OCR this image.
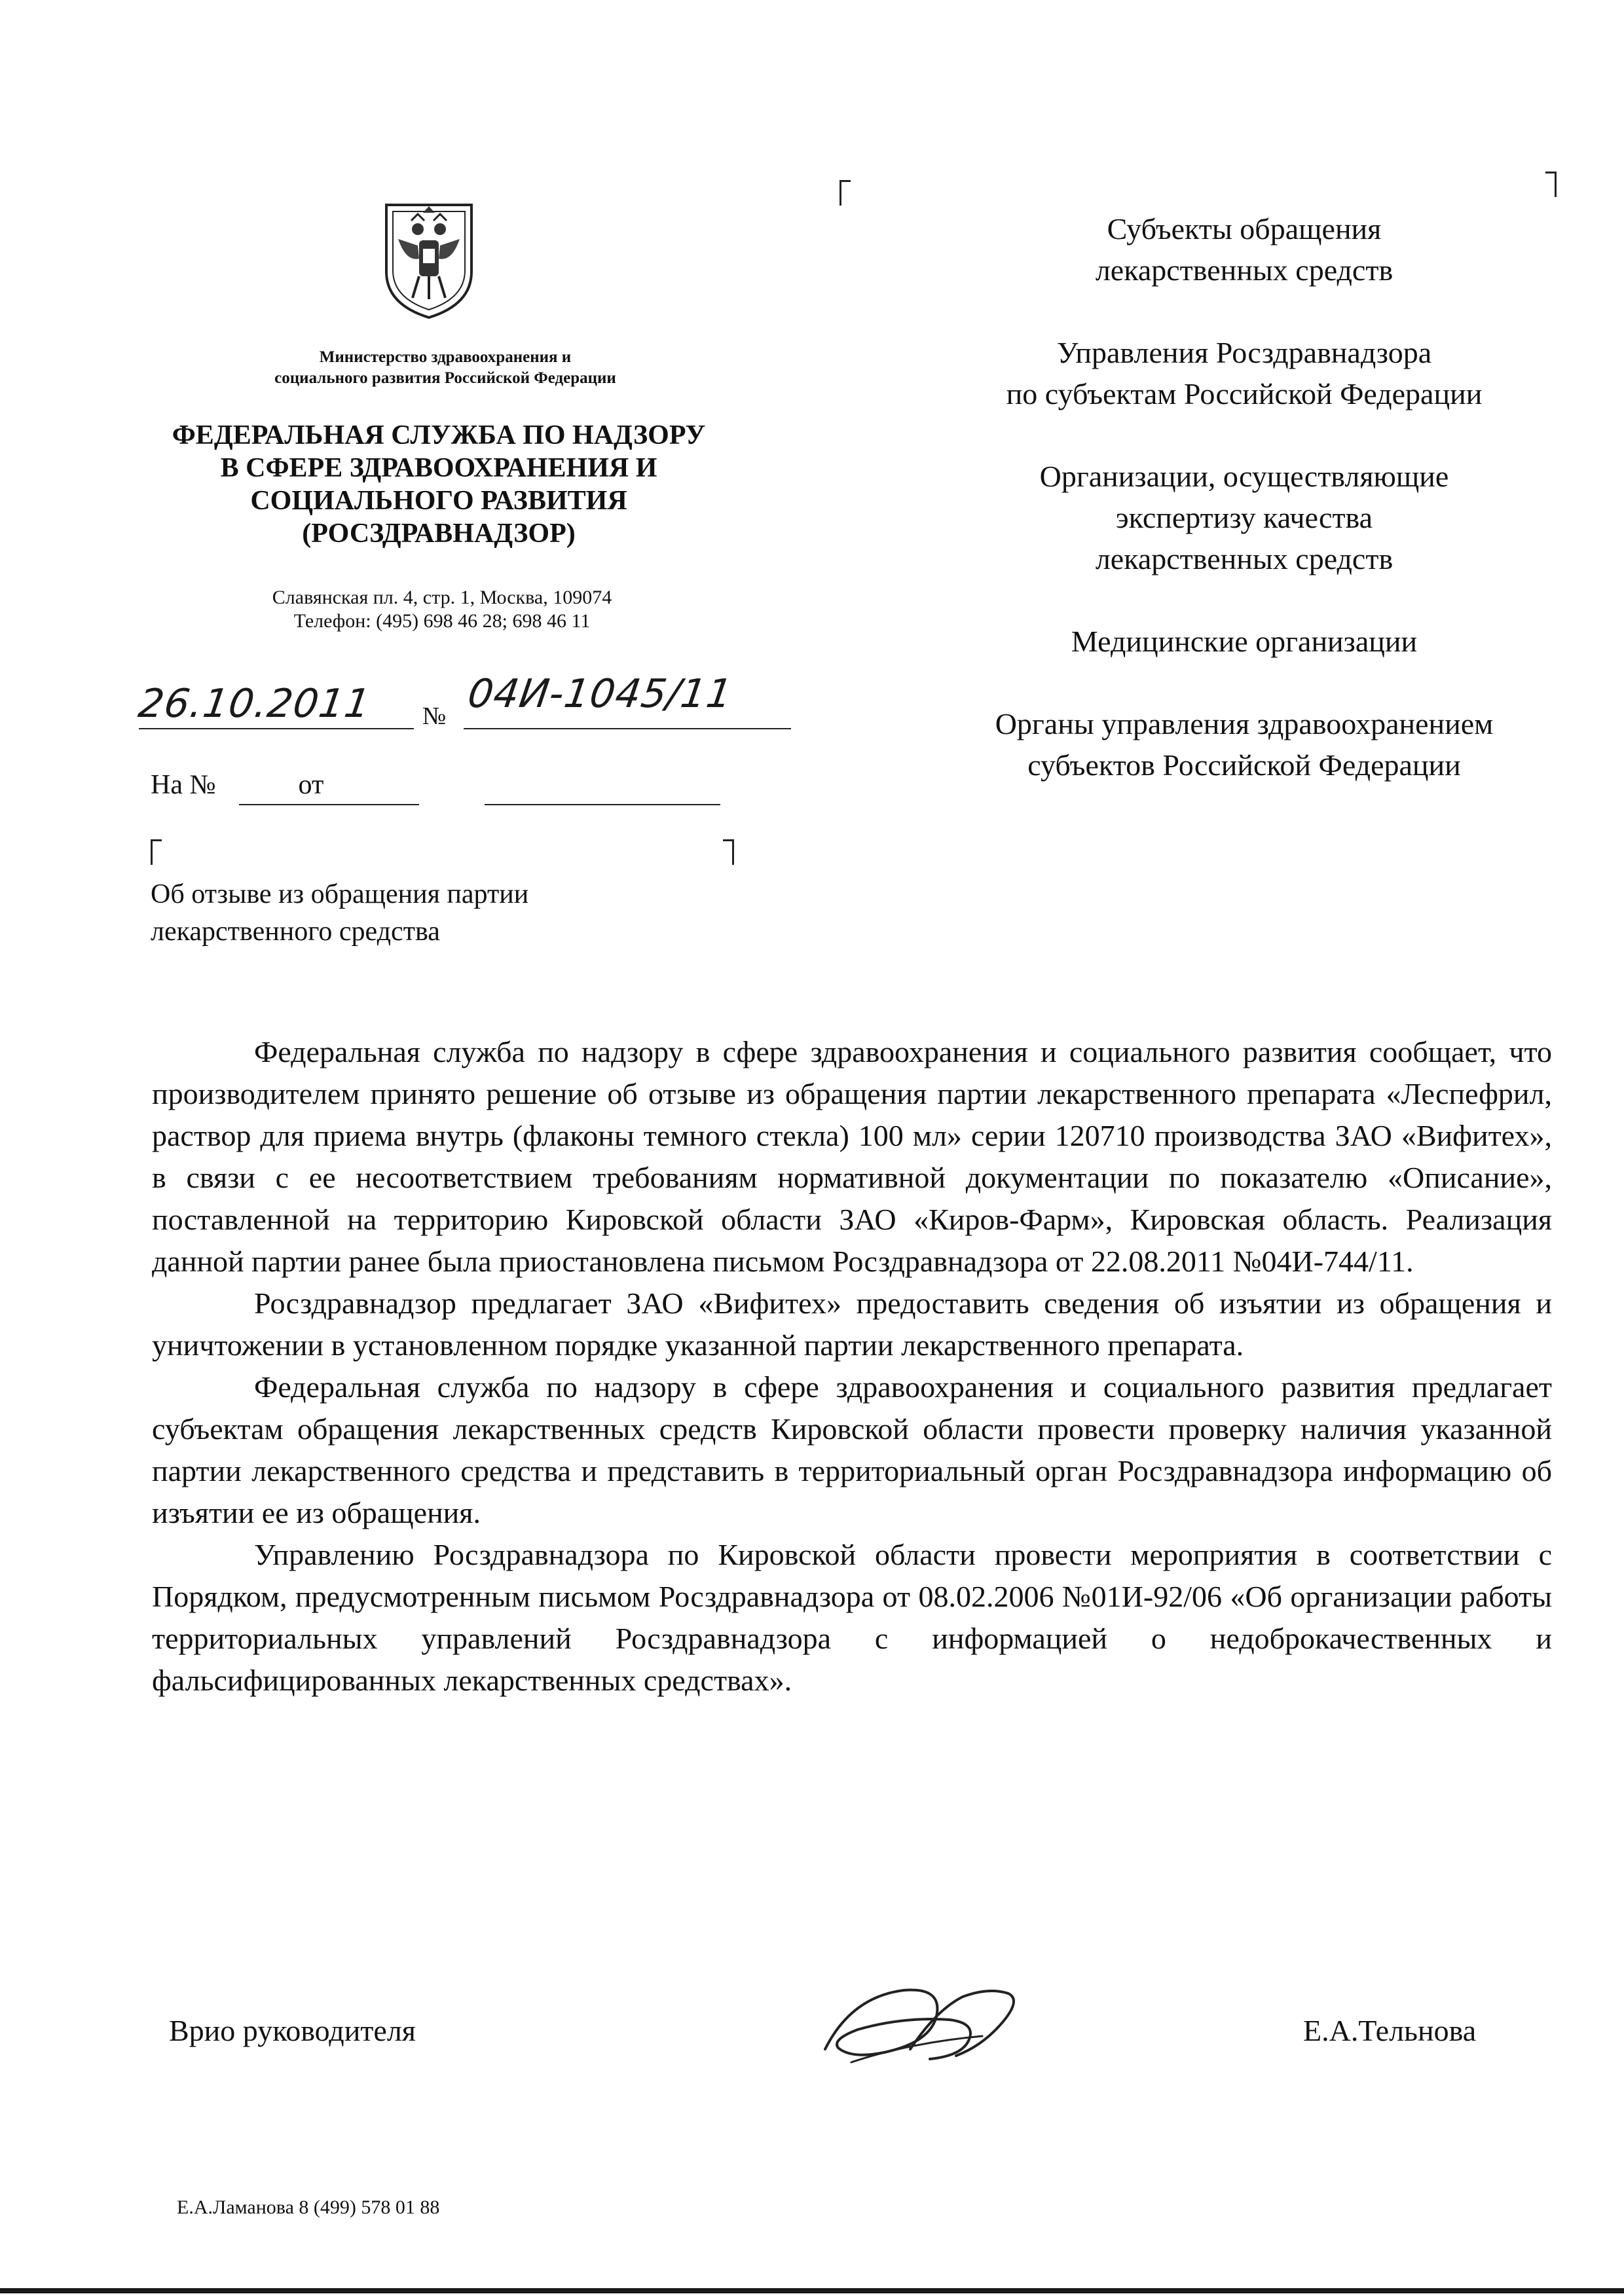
Министерство здравоохранения и
социального развития Российской Федерации
ФЕДЕРАЛЬНАЯ СЛУЖБА ПО НАДЗОРУ
В СФЕРЕ ЗДРАВООХРАНЕНИЯ И
СОЦИАЛЬНОГО РАЗВИТИЯ
(РОСЗДРАВНАДЗОР)
Славянская пл. 4, стр. 1, Москва, 109074
Телефон: (495) 698 46 28; 698 46 11
26.10.2011 № 04И-1045/11
На №            от
Об отзыве из обращения партии
лекарственного средства
Субъекты обращения
лекарственных средств
Управления Росздравнадзора
по субъектам Российской Федерации
Организации, осуществляющие
экспертизу качества
лекарственных средств
Медицинские организации
Органы управления здравоохранением
субъектов Российской Федерации

Федеральная служба по надзору в сфере здравоохранения и социального развития сообщает, что производителем принято решение об отзыве из обращения партии лекарственного препарата «Леспефрил, раствор для приема внутрь (флаконы темного стекла) 100 мл» серии 120710 производства ЗАО «Вифитех», в связи с ее несоответствием требованиям нормативной документации по показателю «Описание», поставленной на территорию Кировской области ЗАО «Киров-Фарм», Кировская область. Реализация данной партии ранее была приостановлена письмом Росздравнадзора от 22.08.2011 №04И-744/11.

Росздравнадзор предлагает ЗАО «Вифитех» предоставить сведения об изъятии из обращения и уничтожении в установленном порядке указанной партии лекарственного препарата.

Федеральная служба по надзору в сфере здравоохранения и социального развития предлагает субъектам обращения лекарственных средств Кировской области провести проверку наличия указанной партии лекарственного средства и представить в территориальный орган Росздравнадзора информацию об изъятии ее из обращения.

Управлению Росздравнадзора по Кировской области провести мероприятия в соответствии с Порядком, предусмотренным письмом Росздравнадзора от 08.02.2006 №01И-92/06 «Об организации работы территориальных управлений Росздравнадзора с информацией о недоброкачественных и фальсифицированных лекарственных средствах».

Врио руководителя	Е.А.Тельнова
Е.А.Ламанова 8 (499) 578 01 88
